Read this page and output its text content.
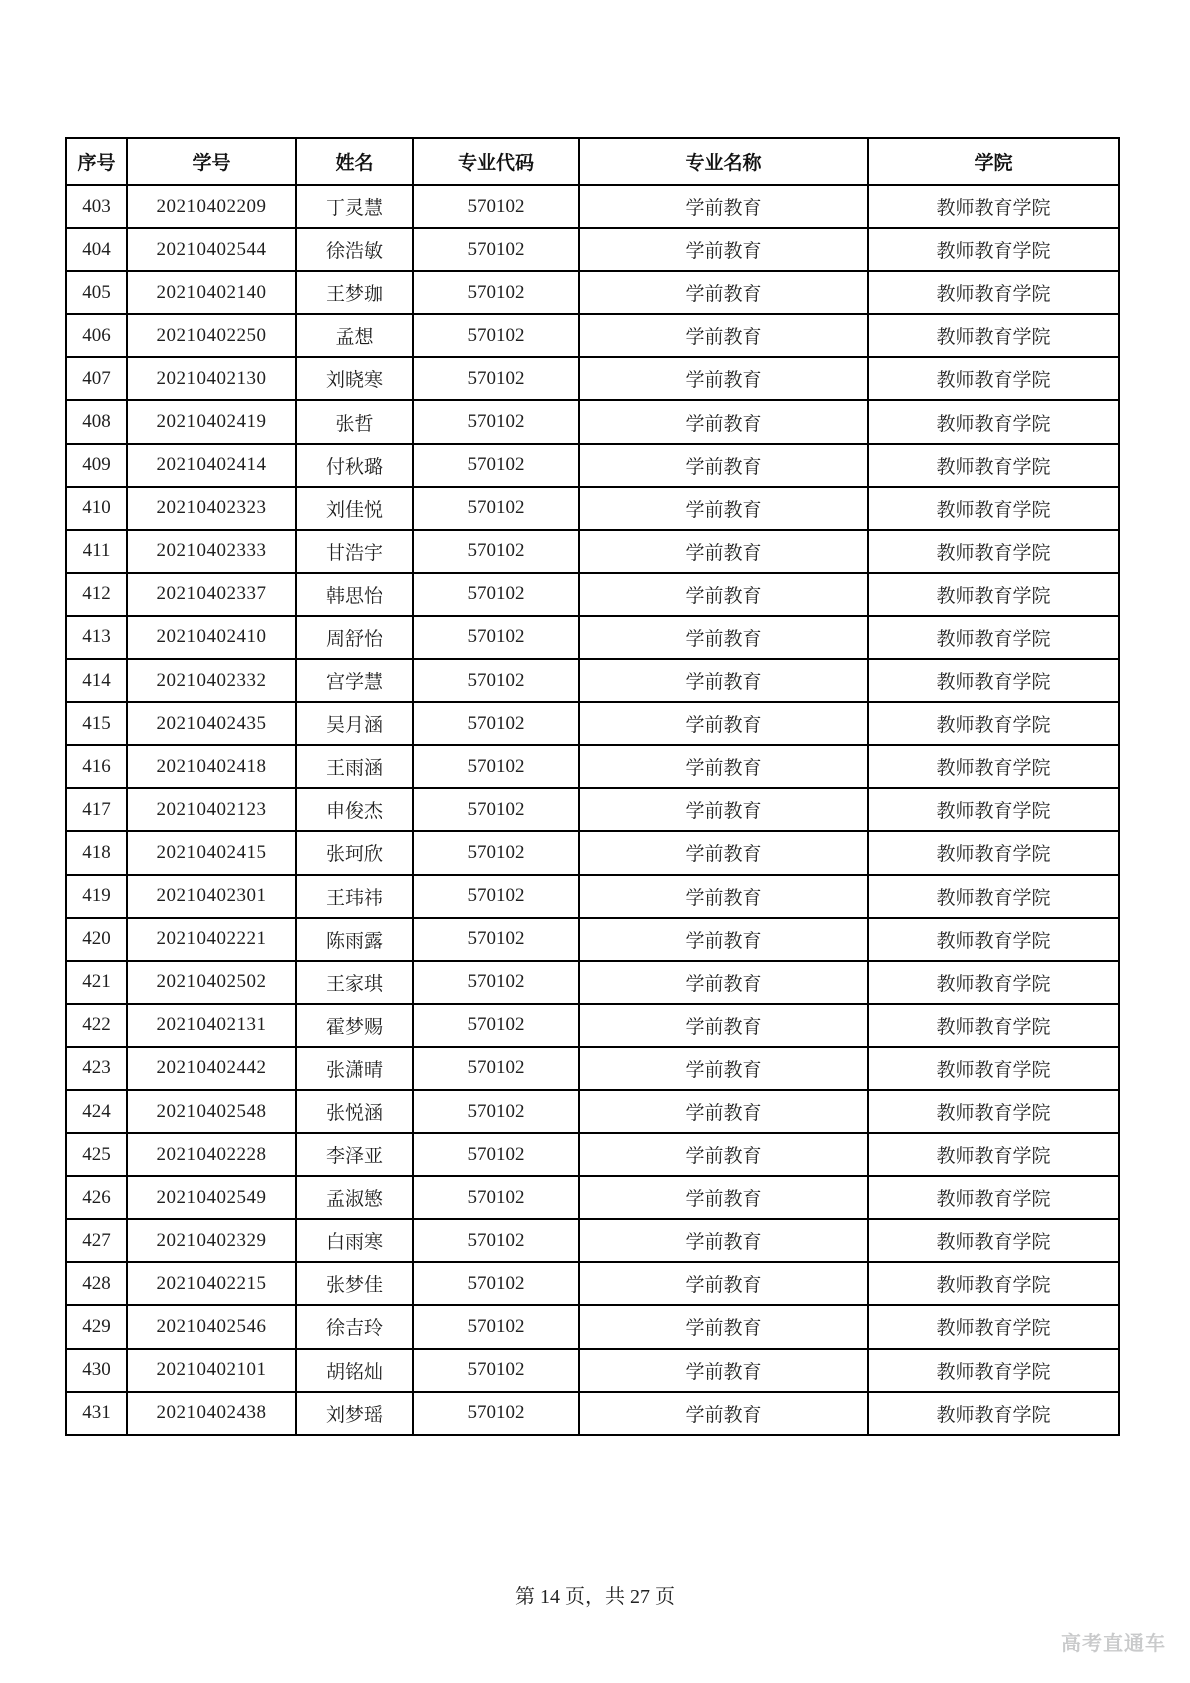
序号	学号	姓名	专业代码	专业名称	学院
403	20210402209	丁灵慧	570102	学前教育	教师教育学院
404	20210402544	徐浩敏	570102	学前教育	教师教育学院
405	20210402140	王梦珈	570102	学前教育	教师教育学院
406	20210402250	孟想	570102	学前教育	教师教育学院
407	20210402130	刘晓寒	570102	学前教育	教师教育学院
408	20210402419	张哲	570102	学前教育	教师教育学院
409	20210402414	付秋璐	570102	学前教育	教师教育学院
410	20210402323	刘佳悦	570102	学前教育	教师教育学院
411	20210402333	甘浩宇	570102	学前教育	教师教育学院
412	20210402337	韩思怡	570102	学前教育	教师教育学院
413	20210402410	周舒怡	570102	学前教育	教师教育学院
414	20210402332	宫学慧	570102	学前教育	教师教育学院
415	20210402435	吴月涵	570102	学前教育	教师教育学院
416	20210402418	王雨涵	570102	学前教育	教师教育学院
417	20210402123	申俊杰	570102	学前教育	教师教育学院
418	20210402415	张珂欣	570102	学前教育	教师教育学院
419	20210402301	王玮祎	570102	学前教育	教师教育学院
420	20210402221	陈雨露	570102	学前教育	教师教育学院
421	20210402502	王家琪	570102	学前教育	教师教育学院
422	20210402131	霍梦赐	570102	学前教育	教师教育学院
423	20210402442	张潇晴	570102	学前教育	教师教育学院
424	20210402548	张悦涵	570102	学前教育	教师教育学院
425	20210402228	李泽亚	570102	学前教育	教师教育学院
426	20210402549	孟淑慜	570102	学前教育	教师教育学院
427	20210402329	白雨寒	570102	学前教育	教师教育学院
428	20210402215	张梦佳	570102	学前教育	教师教育学院
429	20210402546	徐吉玲	570102	学前教育	教师教育学院
430	20210402101	胡铭灿	570102	学前教育	教师教育学院
431	20210402438	刘梦瑶	570102	学前教育	教师教育学院
第 14 页，共 27 页
高考直通车
